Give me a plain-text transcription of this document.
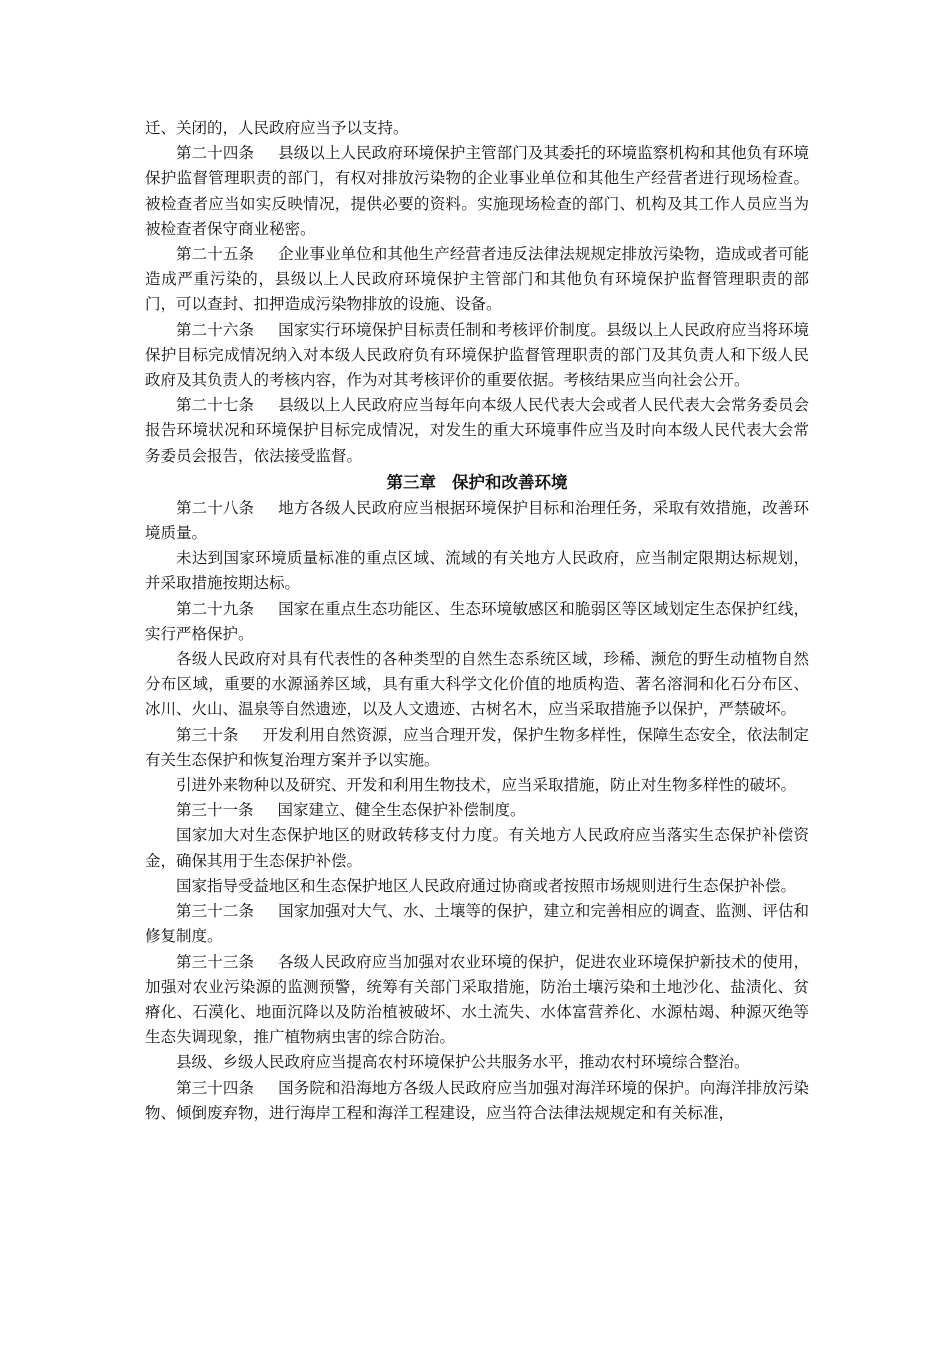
迁、关闭的，人民政府应当予以支持。

第二十四条 县级以上人民政府环境保护主管部门及其委托的环境监察机构和其他负有环境保护监督管理职责的部门，有权对排放污染物的企业事业单位和其他生产经营者进行现场检查。被检查者应当如实反映情况，提供必要的资料。实施现场检查的部门、机构及其工作人员应当为被检查者保守商业秘密。

第二十五条 企业事业单位和其他生产经营者违反法律法规规定排放污染物，造成或者可能造成严重污染的，县级以上人民政府环境保护主管部门和其他负有环境保护监督管理职责的部门，可以查封、扣押造成污染物排放的设施、设备。

第二十六条 国家实行环境保护目标责任制和考核评价制度。县级以上人民政府应当将环境保护目标完成情况纳入对本级人民政府负有环境保护监督管理职责的部门及其负责人和下级人民政府及其负责人的考核内容，作为对其考核评价的重要依据。考核结果应当向社会公开。

第二十七条 县级以上人民政府应当每年向本级人民代表大会或者人民代表大会常务委员会报告环境状况和环境保护目标完成情况，对发生的重大环境事件应当及时向本级人民代表大会常务委员会报告，依法接受监督。

第三章 保护和改善环境

第二十八条 地方各级人民政府应当根据环境保护目标和治理任务，采取有效措施，改善环境质量。

未达到国家环境质量标准的重点区域、流域的有关地方人民政府，应当制定限期达标规划，并采取措施按期达标。

第二十九条 国家在重点生态功能区、生态环境敏感区和脆弱区等区域划定生态保护红线，实行严格保护。

各级人民政府对具有代表性的各种类型的自然生态系统区域，珍稀、濒危的野生动植物自然分布区域，重要的水源涵养区域，具有重大科学文化价值的地质构造、著名溶洞和化石分布区、冰川、火山、温泉等自然遗迹，以及人文遗迹、古树名木，应当采取措施予以保护，严禁破坏。

第三十条 开发利用自然资源，应当合理开发，保护生物多样性，保障生态安全，依法制定有关生态保护和恢复治理方案并予以实施。

引进外来物种以及研究、开发和利用生物技术，应当采取措施，防止对生物多样性的破坏。

第三十一条 国家建立、健全生态保护补偿制度。

国家加大对生态保护地区的财政转移支付力度。有关地方人民政府应当落实生态保护补偿资金，确保其用于生态保护补偿。

国家指导受益地区和生态保护地区人民政府通过协商或者按照市场规则进行生态保护补偿。

第三十二条 国家加强对大气、水、土壤等的保护，建立和完善相应的调查、监测、评估和修复制度。

第三十三条 各级人民政府应当加强对农业环境的保护，促进农业环境保护新技术的使用，加强对农业污染源的监测预警，统筹有关部门采取措施，防治土壤污染和土地沙化、盐渍化、贫瘠化、石漠化、地面沉降以及防治植被破坏、水土流失、水体富营养化、水源枯竭、种源灭绝等生态失调现象，推广植物病虫害的综合防治。

县级、乡级人民政府应当提高农村环境保护公共服务水平，推动农村环境综合整治。

第三十四条 国务院和沿海地方各级人民政府应当加强对海洋环境的保护。向海洋排放污染物、倾倒废弃物，进行海岸工程和海洋工程建设，应当符合法律法规规定和有关标准，
